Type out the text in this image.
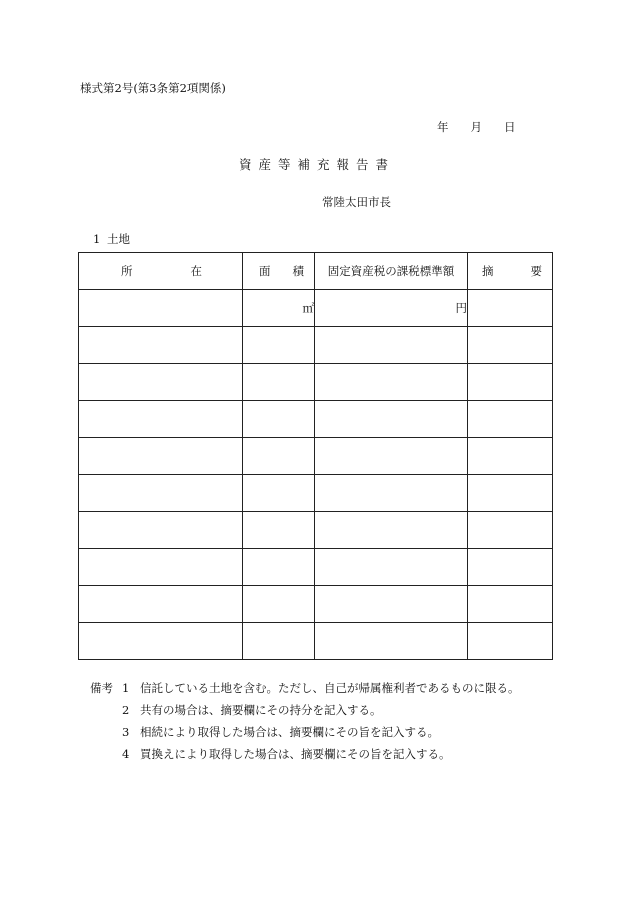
様式第2号(第3条第2項関係)
年 月 日
資産等補充報告書
常陸太田市長
1 土地
所 在	面 積	固定資産税の課税標準額	摘 要

	㎡	円	

備考 1 信託している土地を含む。ただし、自己が帰属権利者であるものに限る。
2 共有の場合は、摘要欄にその持分を記入する。
3 相続により取得した場合は、摘要欄にその旨を記入する。
4 買換えにより取得した場合は、摘要欄にその旨を記入する。
